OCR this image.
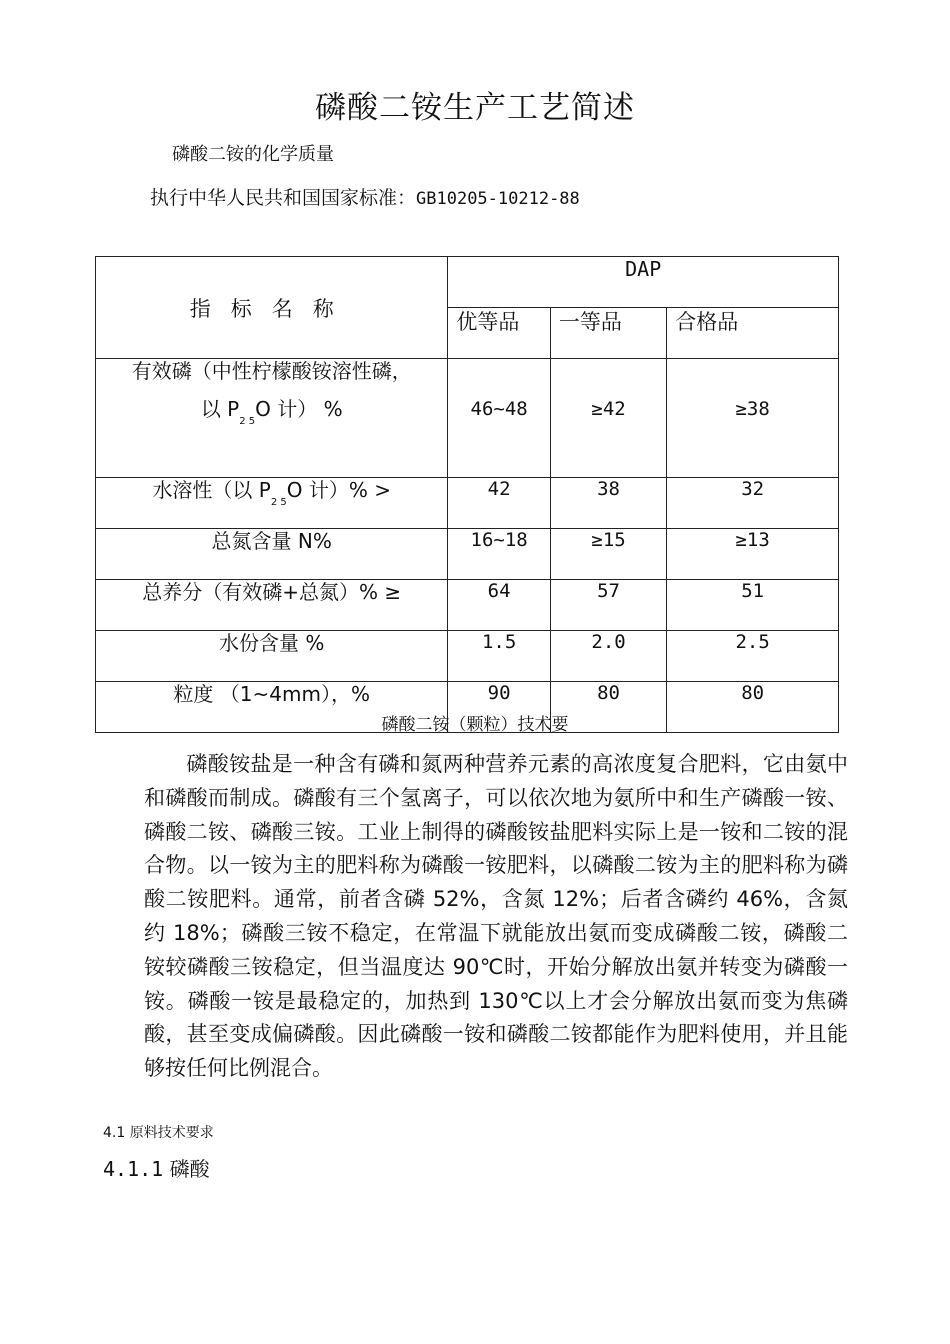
磷酸二铵生产工艺简述
磷酸二铵的化学质量
执行中华人民共和国国家标准：GB10205-10212-88
指标名称	DAP		
	优等品	一等品	合格品

有效磷（中性柠檬酸铵溶性磷，
以 $P_{2 5}O$ 计） %	46~48	≥42	≥38
水溶性（以 $P_{2 5}O$ 计）% >	42	38	32
总氮含量 N%	16~18	≥15	≥13
总养分（有效磷+总氮）% ≥	64	57	51
水份含量 %	1.5	2.0	2.5
粒度 （1~4mm），%	90	80	80
磷酸二铵（颗粒）技术要

磷酸铵盐是一种含有磷和氮两种营养元素的高浓度复合肥料，它由氨中和磷酸而制成。磷酸有三个氢离子，可以依次地为氨所中和生产磷酸一铵、磷酸二铵、磷酸三铵。工业上制得的磷酸铵盐肥料实际上是一铵和二铵的混合物。以一铵为主的肥料称为磷酸一铵肥料，以磷酸二铵为主的肥料称为磷酸二铵肥料。通常，前者含磷 52%，含氮 12%；后者含磷约 46%，含氮约 18%；磷酸三铵不稳定，在常温下就能放出氨而变成磷酸二铵，磷酸二铵较磷酸三铵稳定，但当温度达 90℃时，开始分解放出氨并转变为磷酸一铵。磷酸一铵是最稳定的，加热到 130℃以上才会分解放出氨而变为焦磷酸，甚至变成偏磷酸。因此磷酸一铵和磷酸二铵都能作为肥料使用，并且能够按任何比例混合。

4.1 原料技术要求
4.1.1 磷酸
